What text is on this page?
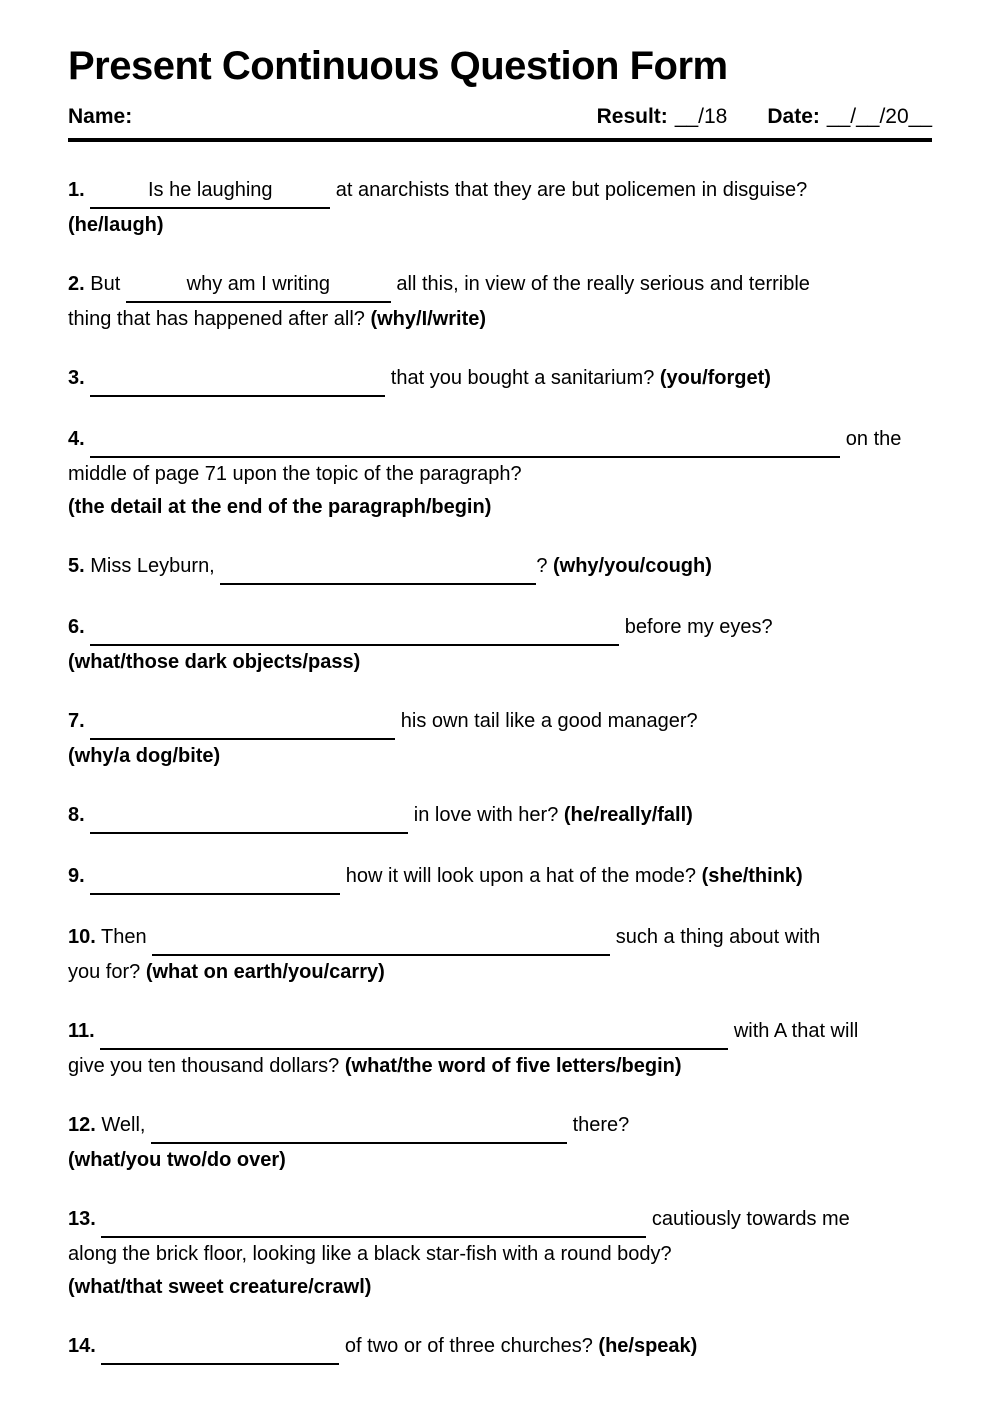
Present Continuous Question Form
Name:	Result: __/18 Date: __/__/20__
1.	Is he laughing	at anarchists that they are but policemen in disguise?
(he/laugh)
2. But	why am I writing	all this, in view of the really serious and terrible
thing that has happened after all? (why/I/write)
3.	that you bought a sanitarium? (you/forget)
4.	on the middle of page 71 upon the topic of the paragraph?
(the detail at the end of the paragraph/begin)
5. Miss Leyburn,	? (why/you/cough)
6.	before my eyes?
(what/those dark objects/pass)
7.	his own tail like a good manager?
(why/a dog/bite)
8.	in love with her? (he/really/fall)
9.	how it will look upon a hat of the mode? (she/think)
10. Then	such a thing about with
you for? (what on earth/you/carry)
11.	with A that will
give you ten thousand dollars? (what/the word of five letters/begin)
12. Well,	there?
(what/you two/do over)
13.	cautiously towards me
along the brick floor, looking like a black star-fish with a round body?
(what/that sweet creature/crawl)
14.	of two or of three churches? (he/speak)
